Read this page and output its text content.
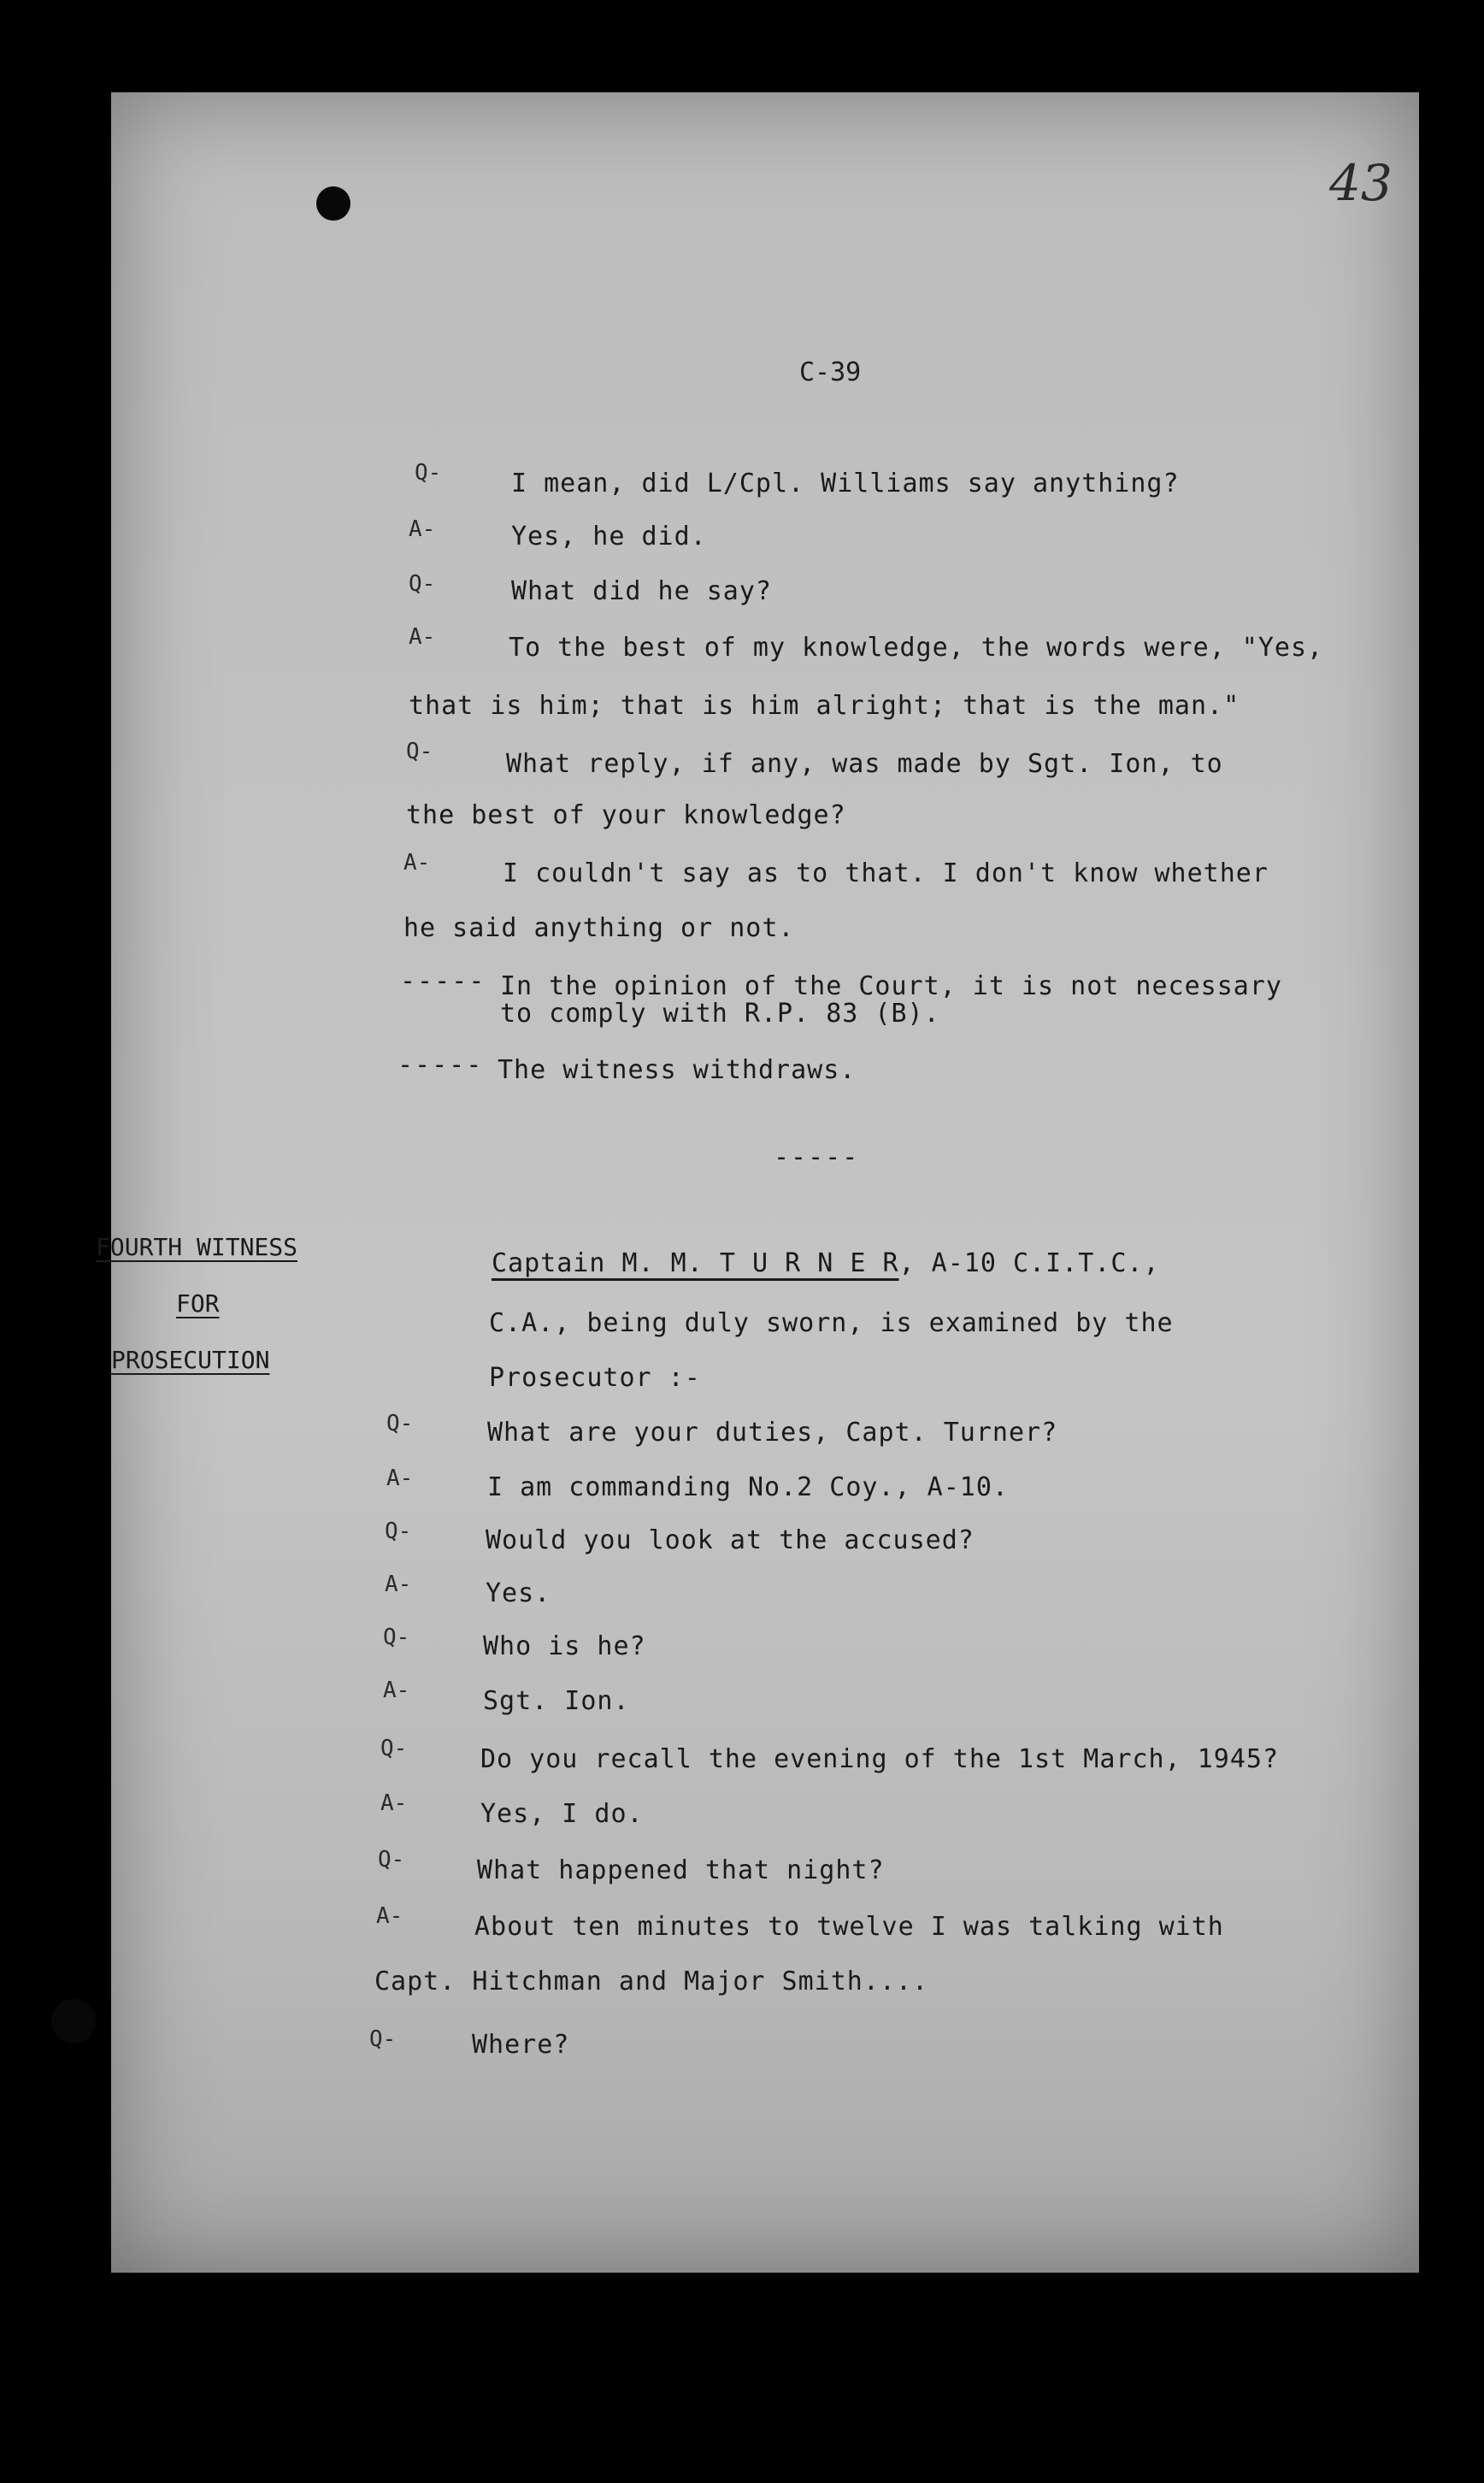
43
C-39
Q-	I mean, did L/Cpl. Williams say anything?
A-	Yes, he did.
Q-	What did he say?
A-	To the best of my knowledge, the words were, "Yes,
that is him; that is him alright; that is the man."
Q-	What reply, if any, was made by Sgt. Ion, to
the best of your knowledge?
A-	I couldn't say as to that. I don't know whether
he said anything or not.
----- In the opinion of the Court, it is not necessary
to comply with R.P. 83 (B).
----- The witness withdraws.
-----
FOURTH WITNESS
FOR
PROSECUTION
Captain M. M. T U R N E R, A-10 C.I.T.C.,
C.A., being duly sworn, is examined by the
Prosecutor :-
Q-	What are your duties, Capt. Turner?
A-	I am commanding No.2 Coy., A-10.
Q-	Would you look at the accused?
A-	Yes.
Q-	Who is he?
A-	Sgt. Ion.
Q-	Do you recall the evening of the 1st March, 1945?
A-	Yes, I do.
Q-	What happened that night?
A-	About ten minutes to twelve I was talking with
Capt. Hitchman and Major Smith....
Q-	Where?
